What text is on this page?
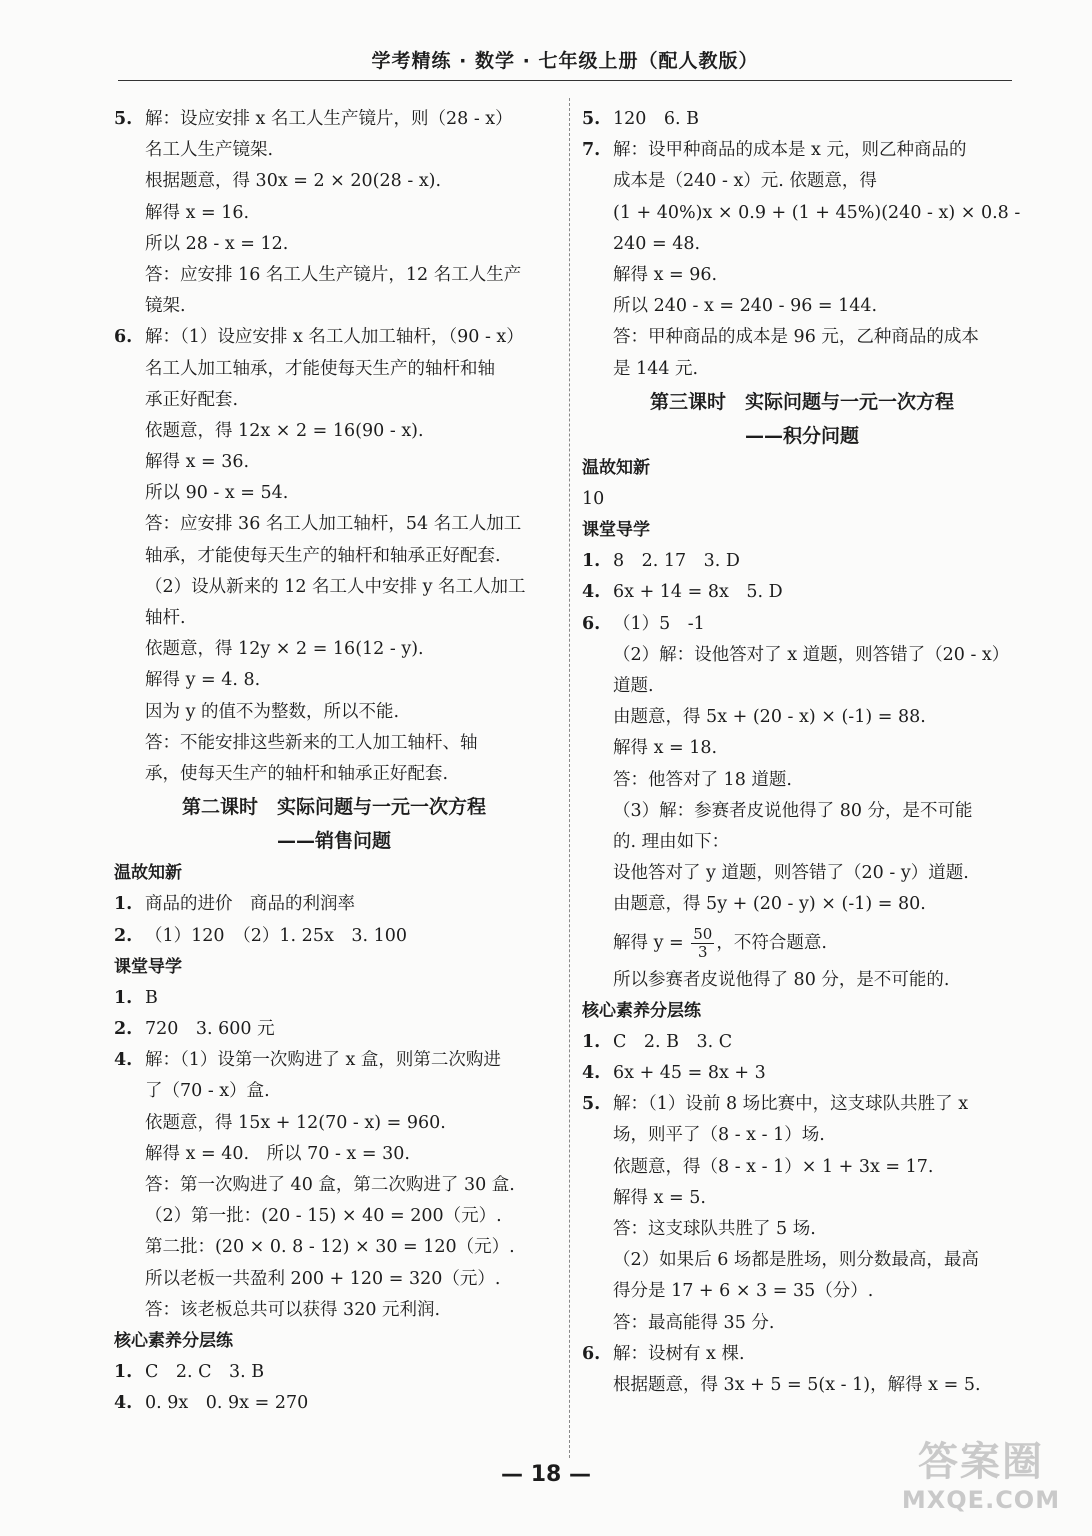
学考精练 · 数学 · 七年级上册（配人教版）
5. 解：设应安排 x 名工人生产镜片，则（28 - x）
名工人生产镜架.
根据题意，得 30x = 2 × 20(28 - x).
解得 x = 16.
所以 28 - x = 12.
答：应安排 16 名工人生产镜片，12 名工人生产
镜架.
6. 解：（1）设应安排 x 名工人加工轴杆，（90 - x）
名工人加工轴承，才能使每天生产的轴杆和轴
承正好配套.
依题意，得 12x × 2 = 16(90 - x).
解得 x = 36.
所以 90 - x = 54.
答：应安排 36 名工人加工轴杆，54 名工人加工
轴承，才能使每天生产的轴杆和轴承正好配套.
（2）设从新来的 12 名工人中安排 y 名工人加工
轴杆.
依题意，得 12y × 2 = 16(12 - y).
解得 y = 4. 8.
因为 y 的值不为整数，所以不能.
答：不能安排这些新来的工人加工轴杆、轴
承，使每天生产的轴杆和轴承正好配套.
第二课时　实际问题与一元一次方程
——销售问题
温故知新
1. 商品的进价　商品的利润率
2. （1）120　（2）1. 25x　3. 100
课堂导学
1. B
2. 720　3. 600 元
4. 解：（1）设第一次购进了 x 盒，则第二次购进
了（70 - x）盒.
依题意，得 15x + 12(70 - x) = 960.
解得 x = 40.　所以 70 - x = 30.
答：第一次购进了 40 盒，第二次购进了 30 盒.
（2）第一批：(20 - 15) × 40 = 200（元）.
第二批：(20 × 0. 8 - 12) × 30 = 120（元）.
所以老板一共盈利 200 + 120 = 320（元）.
答：该老板总共可以获得 320 元利润.
核心素养分层练
1. C　2. C　3. B
4. 0. 9x　0. 9x = 270
5. 120　6. B
7. 解：设甲种商品的成本是 x 元，则乙种商品的
成本是（240 - x）元. 依题意，得
(1 + 40%)x × 0.9 + (1 + 45%)(240 - x) × 0.8 -
240 = 48.
解得 x = 96.
所以 240 - x = 240 - 96 = 144.
答：甲种商品的成本是 96 元，乙种商品的成本
是 144 元.
第三课时　实际问题与一元一次方程
——积分问题
温故知新
10
课堂导学
1. 8　2. 17　3. D
4. 6x + 14 = 8x　5. D
6. （1）5　-1
（2）解：设他答对了 x 道题，则答错了（20 - x）
道题.
由题意，得 5x + (20 - x) × (-1) = 88.
解得 x = 18.
答：他答对了 18 道题.
（3）解：参赛者皮说他得了 80 分，是不可能
的. 理由如下：
设他答对了 y 道题，则答错了（20 - y）道题.
由题意，得 5y + (20 - y) × (-1) = 80.
解得 $y = \frac{50}{3}$ ，不符合题意.
所以参赛者皮说他得了 80 分，是不可能的.
核心素养分层练
1. C　2. B　3. C
4. 6x + 45 = 8x + 3
5. 解：（1）设前 8 场比赛中，这支球队共胜了 x
场，则平了（8 - x - 1）场.
依题意，得（8 - x - 1）× 1 + 3x = 17.
解得 x = 5.
答：这支球队共胜了 5 场.
（2）如果后 6 场都是胜场，则分数最高，最高
得分是 17 + 6 × 3 = 35（分）.
答：最高能得 35 分.
6. 解：设树有 x 棵.
根据题意，得 3x + 5 = 5(x - 1)，解得 x = 5.
— 18 —	答案圈
MXQE.COM
